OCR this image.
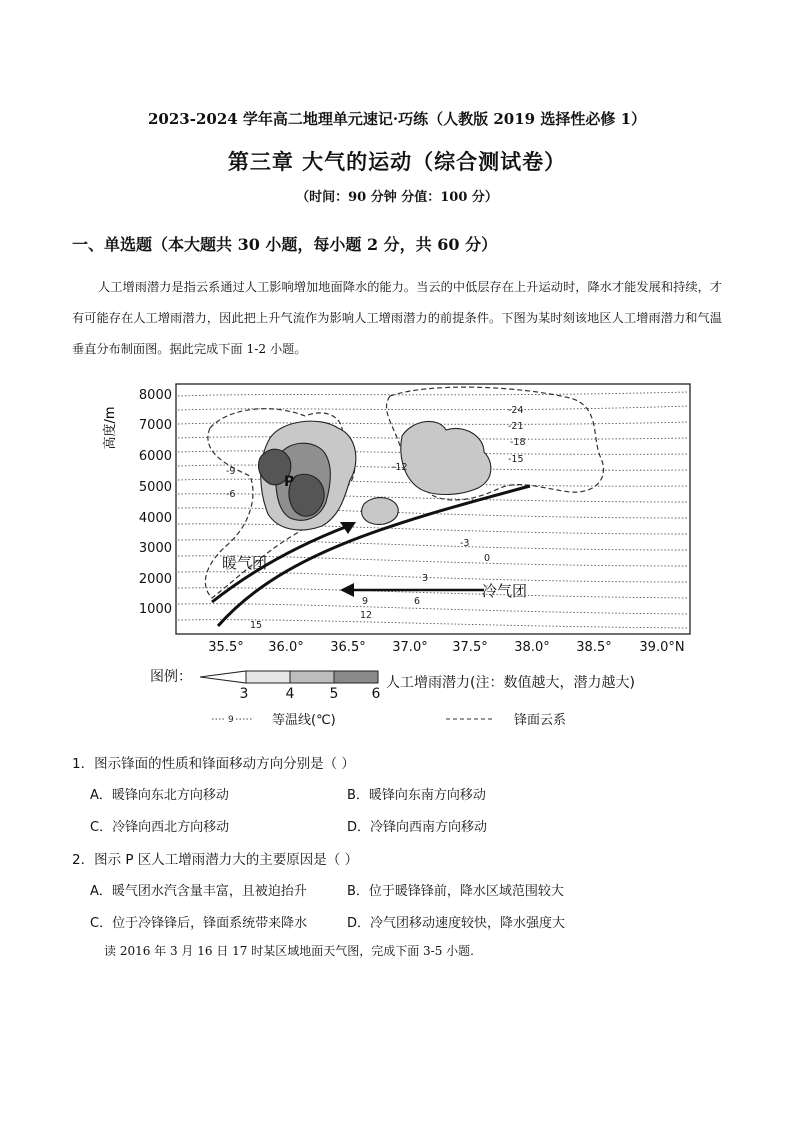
2023-2024 学年高二地理单元速记·巧练（人教版 2019 选择性必修 1）
第三章 大气的运动（综合测试卷）
（时间：90 分钟 分值：100 分）
一、单选题（本大题共 30 小题，每小题 2 分，共 60 分）
人工增雨潜力是指云系通过人工影响增加地面降水的能力。当云的中低层存在上升运动时，降水才能发展和持续，才有可能存在人工增雨潜力，因此把上升气流作为影响人工增雨潜力的前提条件。下图为某时刻该地区人工增雨潜力和气温垂直分布制面图。据此完成下面 1-2 小题。
高度/m
8000
7000
6000
5000
4000
3000
2000
1000
35.5° 36.0° 36.5° 37.0° 37.5° 38.0° 38.5° 39.0°N
-24
-21
-18
-15
-12
-9
-6
-3
0
3
6
9
12
15
P
暖气团
冷气团
图例：
3	4	5 6
人工增雨潜力(注：数值越大，潜力越大)
9	等温线(℃)	锋面云系
1．图示锋面的性质和锋面移动方向分别是（ ）
A．暖锋向东北方向移动	B．暖锋向东南方向移动
C．冷锋向西北方向移动	D．冷锋向西南方向移动
2．图示 P 区人工增雨潜力大的主要原因是（ ）
A．暖气团水汽含量丰富，且被迫抬升	B．位于暖锋锋前，降水区域范围较大
C．位于冷锋锋后，锋面系统带来降水	D．冷气团移动速度较快，降水强度大
读 2016 年 3 月 16 日 17 时某区域地面天气图，完成下面 3-5 小题.
